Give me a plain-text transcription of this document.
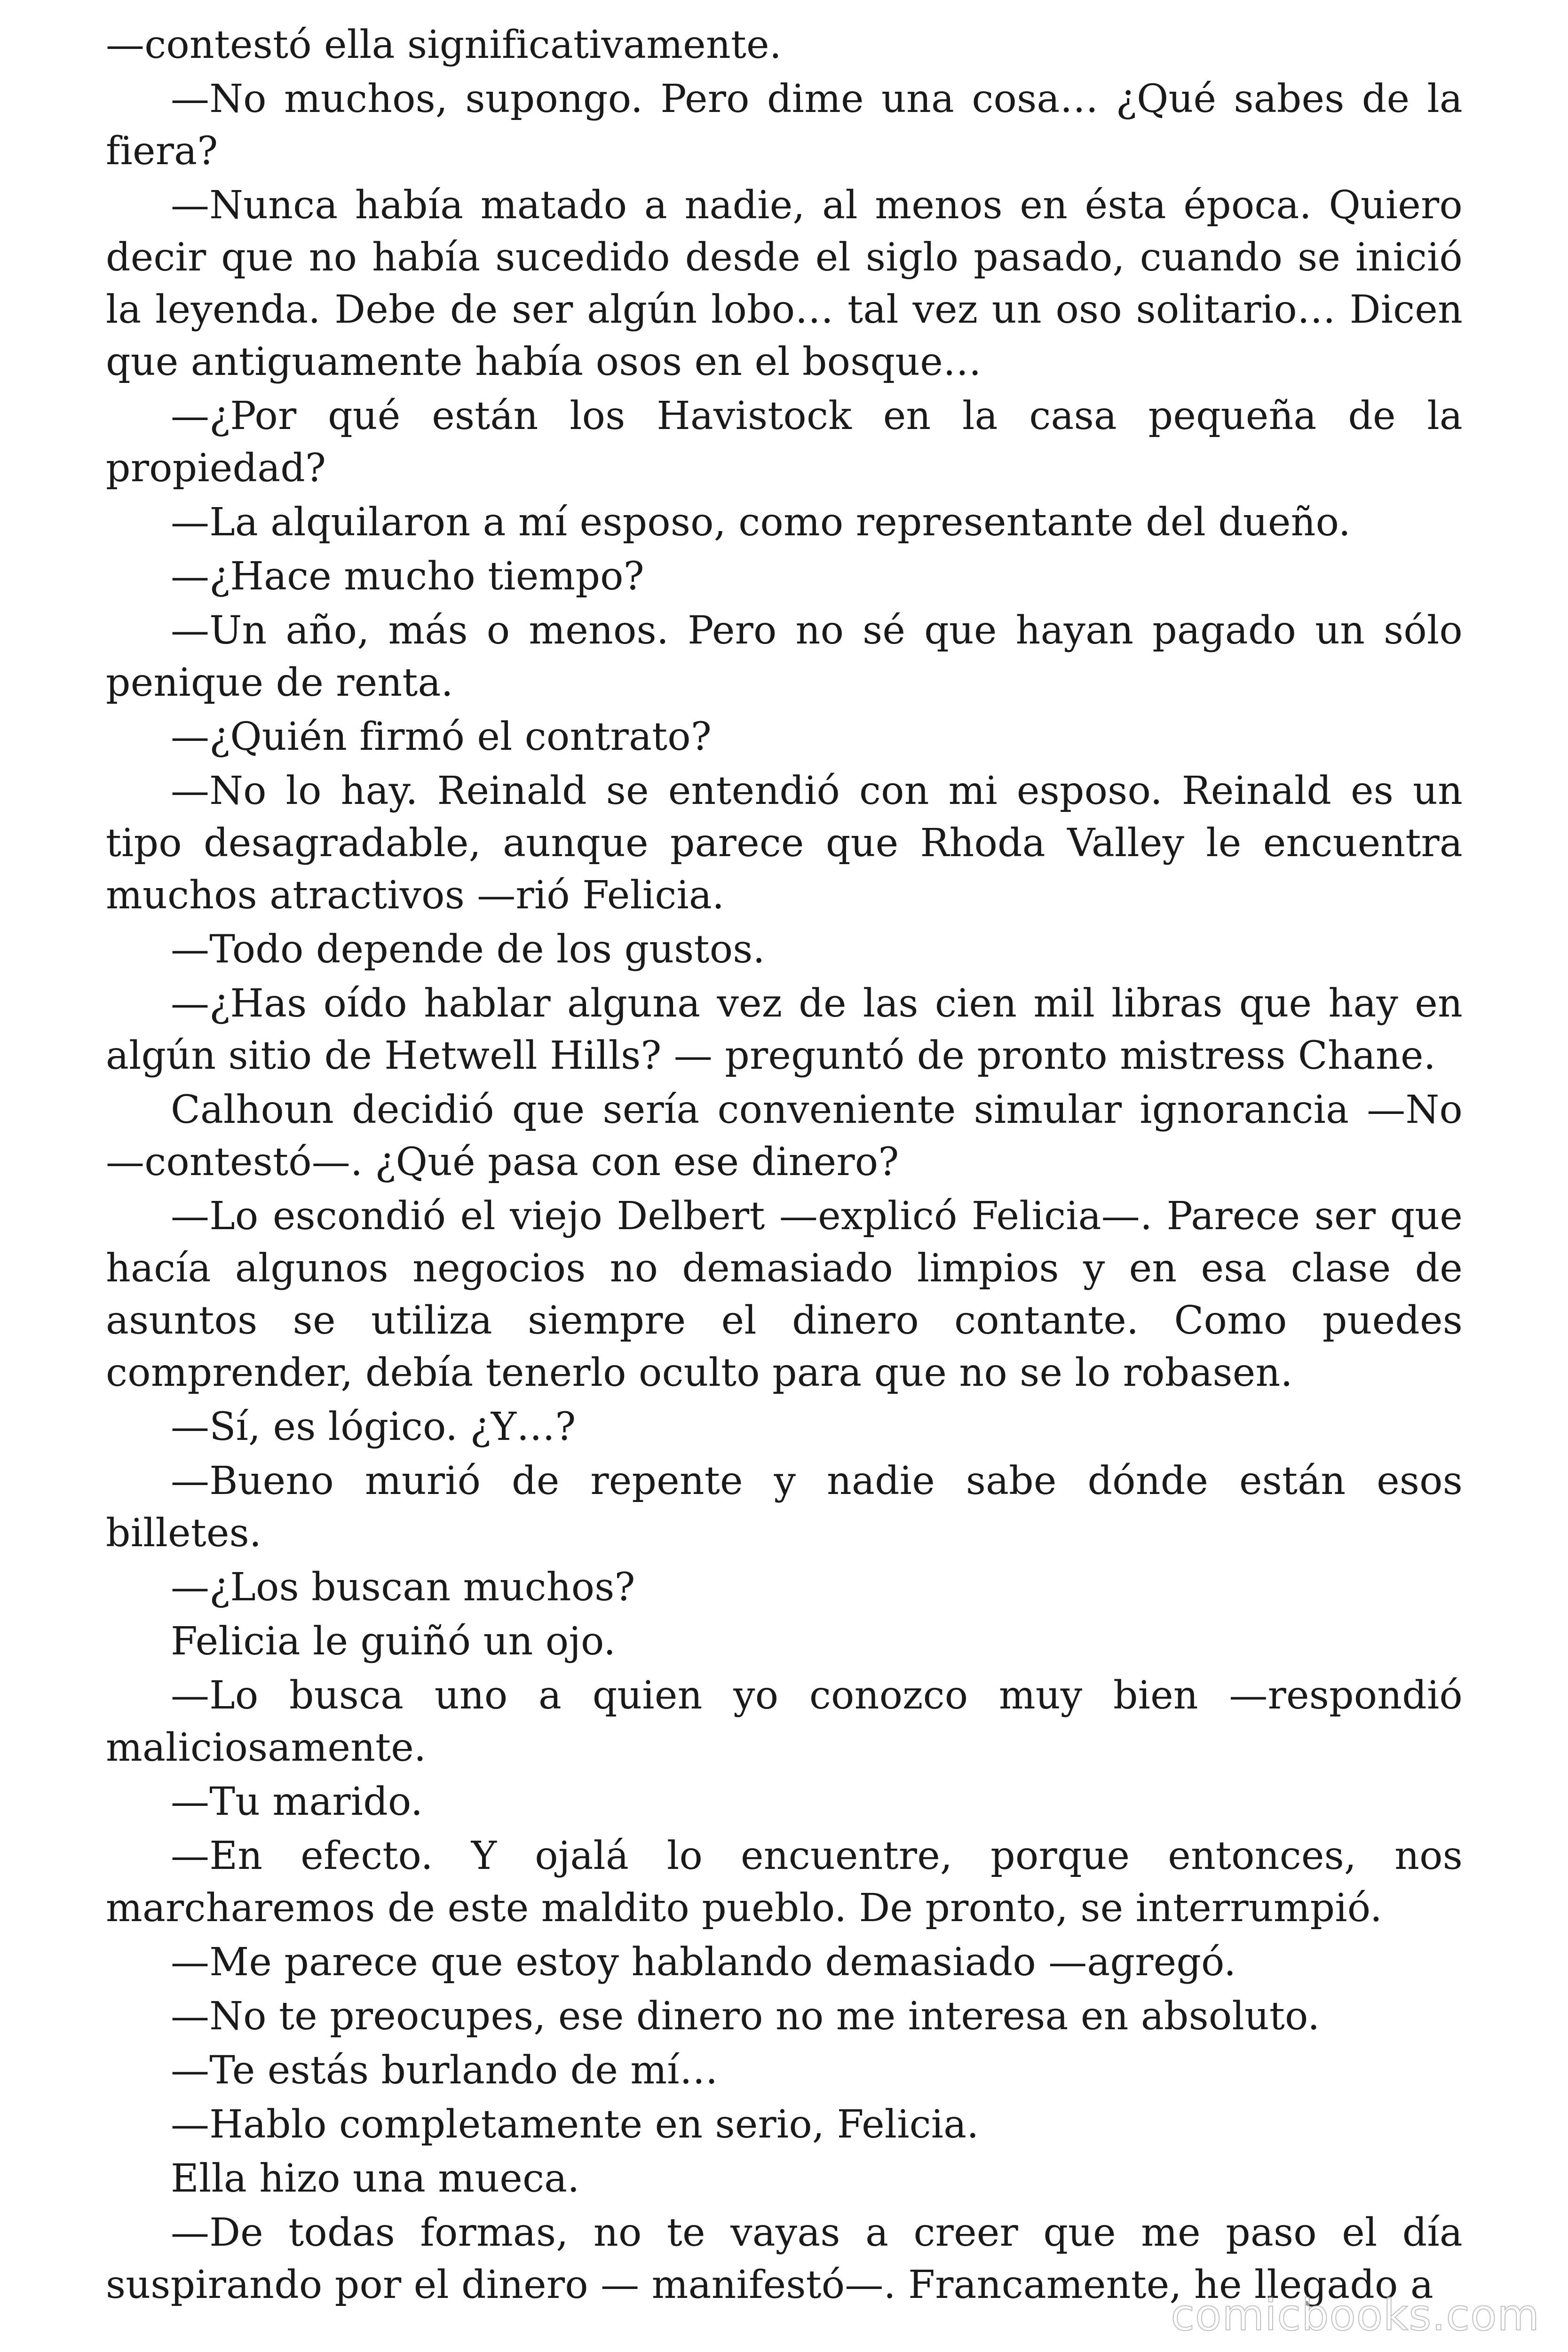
—contestó ella significativamente.

—No muchos, supongo. Pero dime una cosa… ¿Qué sabes de la fiera?

—Nunca había matado a nadie, al menos en ésta época. Quiero decir que no había sucedido desde el siglo pasado, cuando se inició la leyenda. Debe de ser algún lobo… tal vez un oso solitario… Dicen que antiguamente había osos en el bosque…

—¿Por qué están los Havistock en la casa pequeña de la propiedad?

—La alquilaron a mí esposo, como representante del dueño.

—¿Hace mucho tiempo?

—Un año, más o menos. Pero no sé que hayan pagado un sólo penique de renta.

—¿Quién firmó el contrato?

—No lo hay. Reinald se entendió con mi esposo. Reinald es un tipo desagradable, aunque parece que Rhoda Valley le encuentra muchos atractivos —rió Felicia.

—Todo depende de los gustos.

—¿Has oído hablar alguna vez de las cien mil libras que hay en algún sitio de Hetwell Hills? — preguntó de pronto mistress Chane.

Calhoun decidió que sería conveniente simular ignorancia —No —contestó—. ¿Qué pasa con ese dinero?

—Lo escondió el viejo Delbert —explicó Felicia—. Parece ser que hacía algunos negocios no demasiado limpios y en esa clase de asuntos se utiliza siempre el dinero contante. Como puedes comprender, debía tenerlo oculto para que no se lo robasen.

—Sí, es lógico. ¿Y…?

—Bueno murió de repente y nadie sabe dónde están esos billetes.

—¿Los buscan muchos?

Felicia le guiñó un ojo.

—Lo busca uno a quien yo conozco muy bien —respondió maliciosamente.

—Tu marido.

—En efecto. Y ojalá lo encuentre, porque entonces, nos marcharemos de este maldito pueblo. De pronto, se interrumpió.

—Me parece que estoy hablando demasiado —agregó.

—No te preocupes, ese dinero no me interesa en absoluto.

—Te estás burlando de mí…

—Hablo completamente en serio, Felicia.

Ella hizo una mueca.

—De todas formas, no te vayas a creer que me paso el día suspirando por el dinero — manifestó—. Francamente, he llegado a

comicbooks.com
